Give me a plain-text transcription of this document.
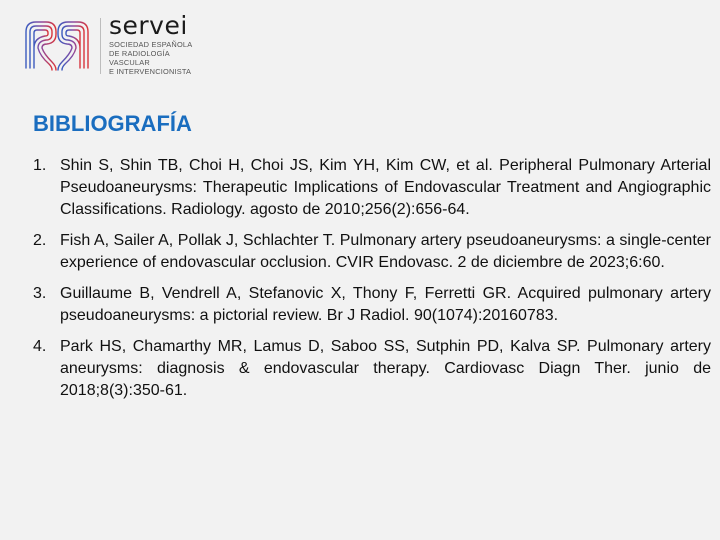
servei
SOCIEDAD ESPAÑOLA
DE RADIOLOGÍA
VASCULAR
E INTERVENCIONISTA
BIBLIOGRAFÍA
1. Shin S, Shin TB, Choi H, Choi JS, Kim YH, Kim CW, et al. Peripheral Pulmonary Arterial Pseudoaneurysms: Therapeutic Implications of Endovascular Treatment and Angiographic Classifications. Radiology. agosto de 2010;256(2):656-64.
2. Fish A, Sailer A, Pollak J, Schlachter T. Pulmonary artery pseudoaneurysms: a single-center experience of endovascular occlusion. CVIR Endovasc. 2 de diciembre de 2023;6:60.
3. Guillaume B, Vendrell A, Stefanovic X, Thony F, Ferretti GR. Acquired pulmonary artery pseudoaneurysms: a pictorial review. Br J Radiol. 90(1074):20160783.
4. Park HS, Chamarthy MR, Lamus D, Saboo SS, Sutphin PD, Kalva SP. Pulmonary artery aneurysms: diagnosis & endovascular therapy. Cardiovasc Diagn Ther. junio de 2018;8(3):350-61.
